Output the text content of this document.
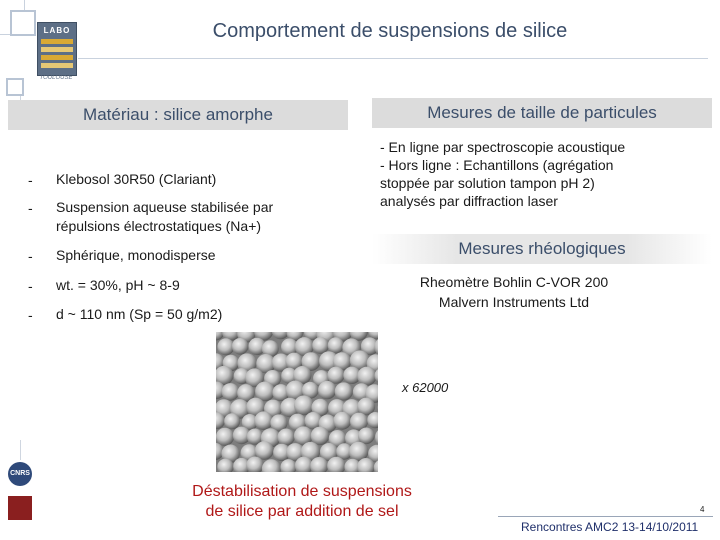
LABO
TOULOUSE
Comportement de suspensions de silice
Matériau : silice amorphe
- Klebosol 30R50 (Clariant)
- Suspension aqueuse stabilisée par répulsions électrostatiques (Na+)
- Sphérique, monodisperse
- wt. = 30%, pH ~ 8-9
- d ~ 110 nm (Sp = 50 g/m2)
Mesures de taille de particules
- En ligne par spectroscopie acoustique
- Hors ligne : Echantillons (agrégation
stoppée par solution tampon pH 2)
analysés par diffraction laser
Mesures rhéologiques
Rheomètre Bohlin C-VOR 200
Malvern Instruments Ltd
x 62000
Déstabilisation de suspensions
de silice par addition de sel
CNRS
4
Rencontres AMC2 13-14/10/2011
